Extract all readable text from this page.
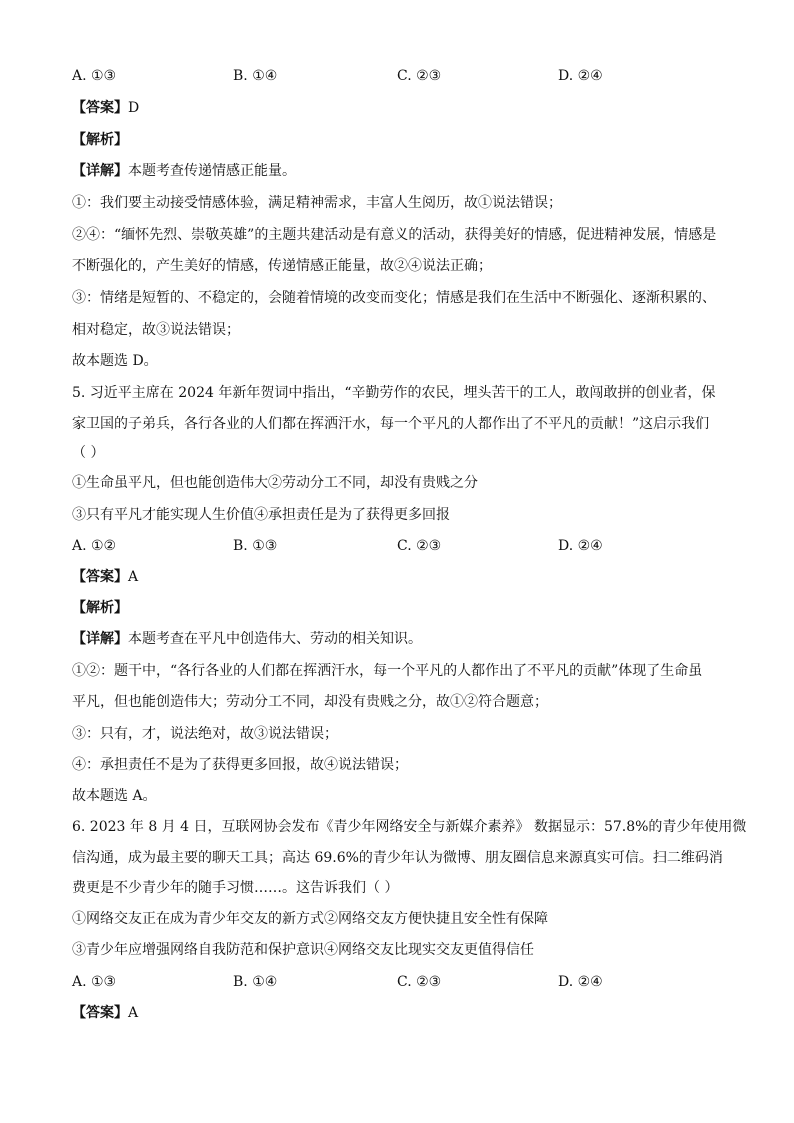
A. ①③	B. ①④	C. ②③	D. ②④
【答案】D
【解析】
【详解】本题考查传递情感正能量。
①：我们要主动接受情感体验，满足精神需求，丰富人生阅历，故①说法错误；
②④：“缅怀先烈、崇敬英雄”的主题共建活动是有意义的活动，获得美好的情感，促进精神发展，情感是
不断强化的，产生美好的情感，传递情感正能量，故②④说法正确；
③：情绪是短暂的、不稳定的，会随着情境的改变而变化；情感是我们在生活中不断强化、逐渐积累的、
相对稳定，故③说法错误；
故本题选 D。
5. 习近平主席在 2024 年新年贺词中指出，“辛勤劳作的农民，埋头苦干的工人，敢闯敢拼的创业者，保
家卫国的子弟兵，各行各业的人们都在挥洒汗水，每一个平凡的人都作出了不平凡的贡献！”这启示我们
（ ）
①生命虽平凡，但也能创造伟大②劳动分工不同，却没有贵贱之分
③只有平凡才能实现人生价值④承担责任是为了获得更多回报
A. ①②	B. ①③	C. ②③	D. ②④
【答案】A
【解析】
【详解】本题考查在平凡中创造伟大、劳动的相关知识。
①②：题干中，“各行各业的人们都在挥洒汗水，每一个平凡的人都作出了不平凡的贡献”体现了生命虽
平凡，但也能创造伟大；劳动分工不同，却没有贵贱之分，故①②符合题意；
③：只有，才，说法绝对，故③说法错误；
④：承担责任不是为了获得更多回报，故④说法错误；
故本题选 A。
6. 2023 年 8 月 4 日，互联网协会发布《青少年网络安全与新媒介素养》 数据显示：57.8%的青少年使用微
信沟通，成为最主要的聊天工具；高达 69.6%的青少年认为微博、朋友圈信息来源真实可信。扫二维码消
费更是不少青少年的随手习惯……。这告诉我们（ ）
①网络交友正在成为青少年交友的新方式②网络交友方便快捷且安全性有保障
③青少年应增强网络自我防范和保护意识④网络交友比现实交友更值得信任
A. ①③	B. ①④	C. ②③	D. ②④
【答案】A
